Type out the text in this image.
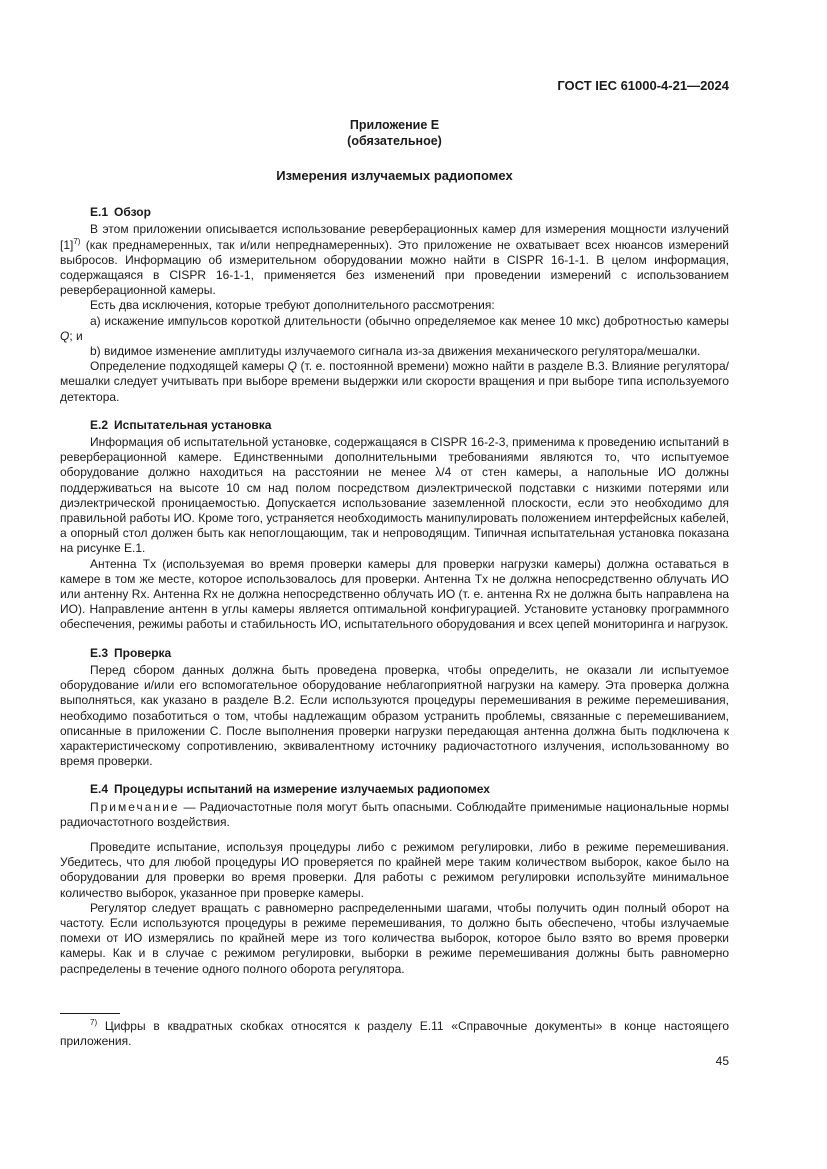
ГОСТ IEC 61000-4-21—2024
Приложение Е
(обязательное)
Измерения излучаемых радиопомех
Е.1 Обзор

В этом приложении описывается использование реверберационных камер для измерения мощности излучений $[1]^{7)}$ (как преднамеренных, так и/или непреднамеренных). Это приложение не охватывает всех нюансов измерений выбросов. Информацию об измерительном оборудовании можно найти в CISPR 16-1-1. В целом информация, содержащаяся в CISPR 16-1-1, применяется без изменений при проведении измерений с использованием реверберационной камеры.

Есть два исключения, которые требуют дополнительного рассмотрения:

а) искажение импульсов короткой длительности (обычно определяемое как менее 10 мкс) добротностью камеры Q; и

b) видимое изменение амплитуды излучаемого сигнала из-за движения механического регулятора/мешалки.

Определение подходящей камеры Q (т. е. постоянной времени) можно найти в разделе В.3. Влияние регулятора/мешалки следует учитывать при выборе времени выдержки или скорости вращения и при выборе типа используемого детектора.

Е.2 Испытательная установка

Информация об испытательной установке, содержащаяся в CISPR 16-2-3, применима к проведению испытаний в реверберационной камере. Единственными дополнительными требованиями являются то, что испытуемое оборудование должно находиться на расстоянии не менее λ/4 от стен камеры, а напольные ИО должны поддерживаться на высоте 10 см над полом посредством диэлектрической подставки с низкими потерями или диэлектрической проницаемостью. Допускается использование заземленной плоскости, если это необходимо для правильной работы ИО. Кроме того, устраняется необходимость манипулировать положением интерфейсных кабелей, а опорный стол должен быть как непоглощающим, так и непроводящим. Типичная испытательная установка показана на рисунке Е.1.

Антенна Tx (используемая во время проверки камеры для проверки нагрузки камеры) должна оставаться в камере в том же месте, которое использовалось для проверки. Антенна Tx не должна непосредственно облучать ИО или антенну Rx. Антенна Rx не должна непосредственно облучать ИО (т. е. антенна Rx не должна быть направлена на ИО). Направление антенн в углы камеры является оптимальной конфигурацией. Установите установку программного обеспечения, режимы работы и стабильность ИО, испытательного оборудования и всех цепей мониторинга и нагрузок.

Е.3 Проверка

Перед сбором данных должна быть проведена проверка, чтобы определить, не оказали ли испытуемое оборудование и/или его вспомогательное оборудование неблагоприятной нагрузки на камеру. Эта проверка должна выполняться, как указано в разделе В.2. Если используются процедуры перемешивания в режиме перемешивания, необходимо позаботиться о том, чтобы надлежащим образом устранить проблемы, связанные с перемешиванием, описанные в приложении С. После выполнения проверки нагрузки передающая антенна должна быть подключена к характеристическому сопротивлению, эквивалентному источнику радиочастотного излучения, использованному во время проверки.

Е.4 Процедуры испытаний на измерение излучаемых радиопомех

Примечание — Радиочастотные поля могут быть опасными. Соблюдайте применимые национальные нормы радиочастотного воздействия.

Проведите испытание, используя процедуры либо с режимом регулировки, либо в режиме перемешивания. Убедитесь, что для любой процедуры ИО проверяется по крайней мере таким количеством выборок, какое было на оборудовании для проверки во время проверки. Для работы с режимом регулировки используйте минимальное количество выборок, указанное при проверке камеры.

Регулятор следует вращать с равномерно распределенными шагами, чтобы получить один полный оборот на частоту. Если используются процедуры в режиме перемешивания, то должно быть обеспечено, чтобы излучаемые помехи от ИО измерялись по крайней мере из того количества выборок, которое было взято во время проверки камеры. Как и в случае с режимом регулировки, выборки в режиме перемешивания должны быть равномерно распределены в течение одного полного оборота регулятора.

$^{7)}$ Цифры в квадратных скобках относятся к разделу Е.11 «Справочные документы» в конце настоящего приложения.
45
